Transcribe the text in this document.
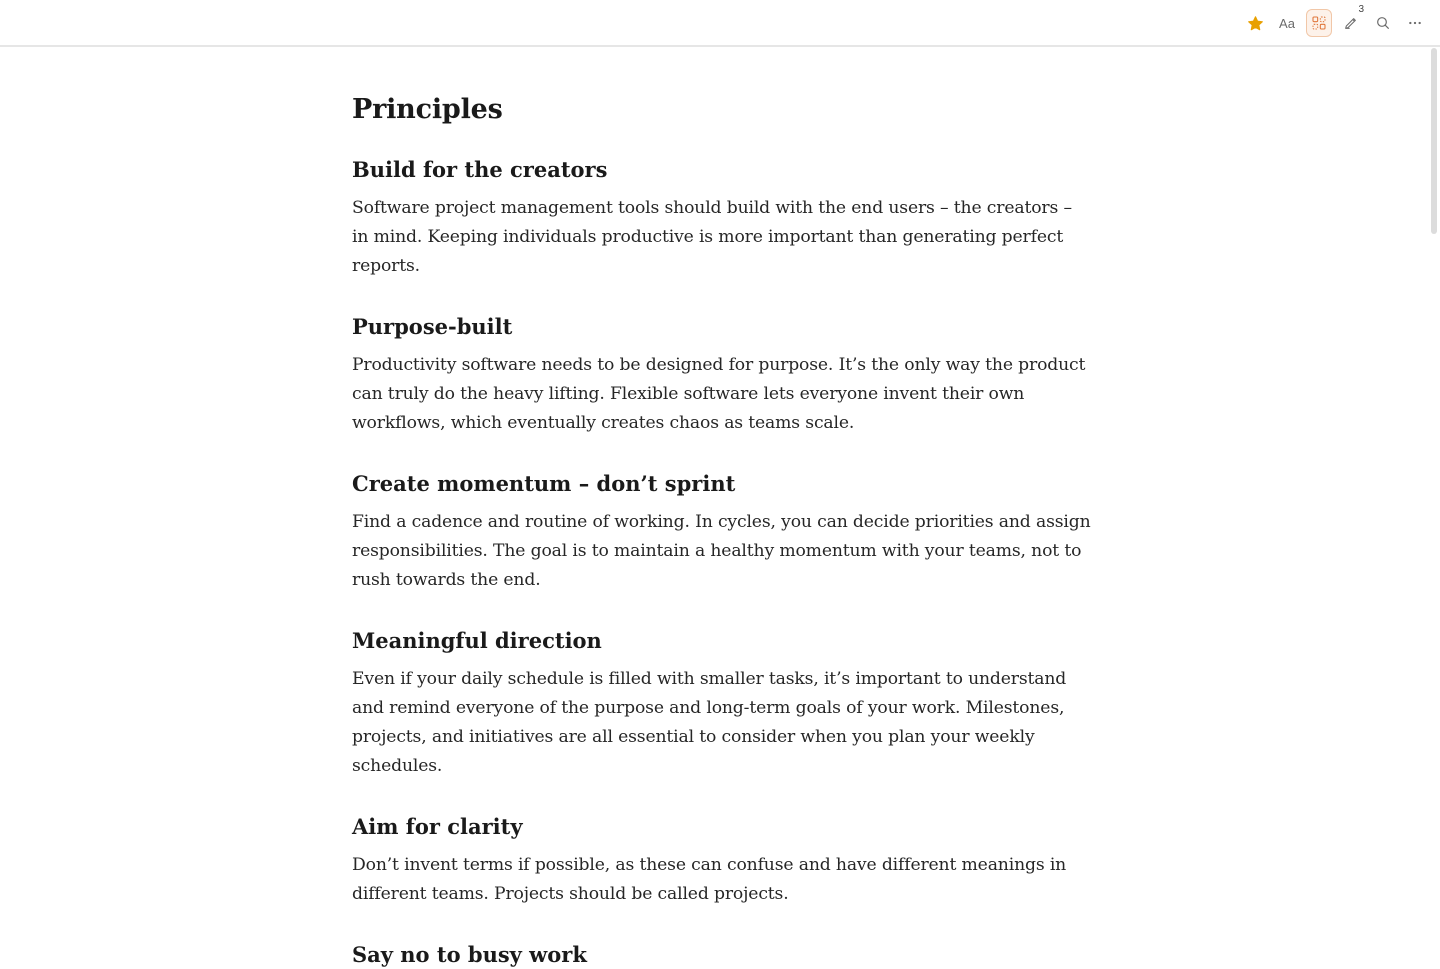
Aa
3
Principles
Build for the creators

Software project management tools should build with the end users – the creators – in mind. Keeping individuals productive is more important than generating perfect reports.

Purpose-built

Productivity software needs to be designed for purpose. It’s the only way the product can truly do the heavy lifting. Flexible software lets everyone invent their own workflows, which eventually creates chaos as teams scale.

Create momentum – don’t sprint

Find a cadence and routine of working. In cycles, you can decide priorities and assign responsibilities. The goal is to maintain a healthy momentum with your teams, not to rush towards the end.

Meaningful direction

Even if your daily schedule is filled with smaller tasks, it’s important to understand and remind everyone of the purpose and long-term goals of your work. Milestones, projects, and initiatives are all essential to consider when you plan your weekly schedules.

Aim for clarity

Don’t invent terms if possible, as these can confuse and have different meanings in different teams. Projects should be called projects.

Say no to busy work
